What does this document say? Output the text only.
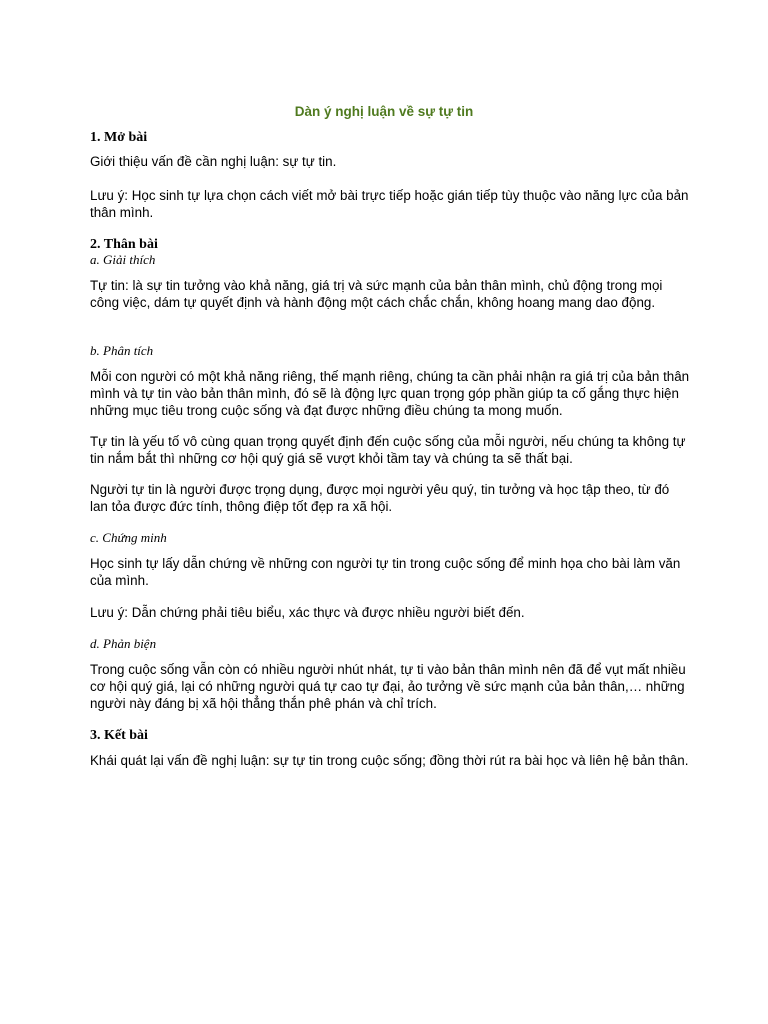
Dàn ý nghị luận về sự tự tin
1. Mở bài

Giới thiệu vấn đề cần nghị luận: sự tự tin.

Lưu ý: Học sinh tự lựa chọn cách viết mở bài trực tiếp hoặc gián tiếp tùy thuộc vào năng lực của bản thân mình.

2. Thân bài
a. Giải thích

Tự tin: là sự tin tưởng vào khả năng, giá trị và sức mạnh của bản thân mình, chủ động trong mọi công việc, dám tự quyết định và hành động một cách chắc chắn, không hoang mang dao động.

b. Phân tích

Mỗi con người có một khả năng riêng, thế mạnh riêng, chúng ta cần phải nhận ra giá trị của bản thân mình và tự tin vào bản thân mình, đó sẽ là động lực quan trọng góp phần giúp ta cố gắng thực hiện những mục tiêu trong cuộc sống và đạt được những điều chúng ta mong muốn.

Tự tin là yếu tố vô cùng quan trọng quyết định đến cuộc sống của mỗi người, nếu chúng ta không tự tin nắm bắt thì những cơ hội quý giá sẽ vượt khỏi tầm tay và chúng ta sẽ thất bại.

Người tự tin là người được trọng dụng, được mọi người yêu quý, tin tưởng và học tập theo, từ đó lan tỏa được đức tính, thông điệp tốt đẹp ra xã hội.

c. Chứng minh

Học sinh tự lấy dẫn chứng về những con người tự tin trong cuộc sống để minh họa cho bài làm văn của mình.

Lưu ý: Dẫn chứng phải tiêu biểu, xác thực và được nhiều người biết đến.

d. Phản biện

Trong cuộc sống vẫn còn có nhiều người nhút nhát, tự ti vào bản thân mình nên đã để vụt mất nhiều cơ hội quý giá, lại có những người quá tự cao tự đại, ảo tưởng về sức mạnh của bản thân,… những người này đáng bị xã hội thẳng thắn phê phán và chỉ trích.

3. Kết bài

Khái quát lại vấn đề nghị luận: sự tự tin trong cuộc sống; đồng thời rút ra bài học và liên hệ bản thân.
